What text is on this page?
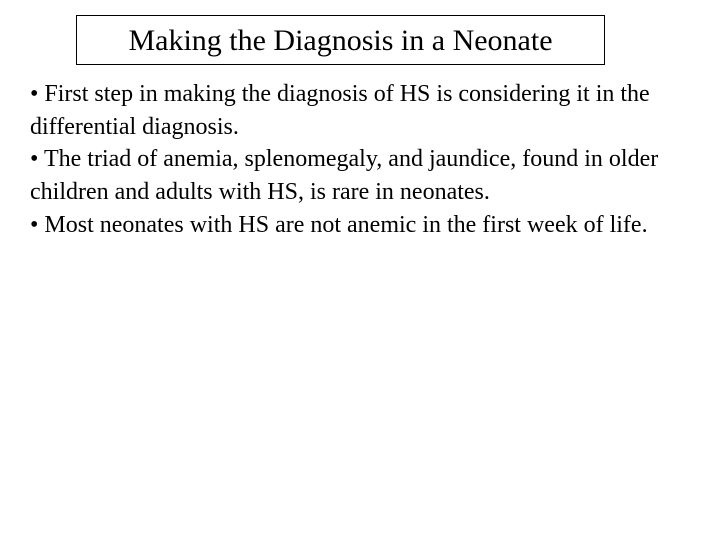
Making the Diagnosis in a Neonate

• First step in making the diagnosis of HS is considering it in the differential diagnosis.

• The triad of anemia, splenomegaly, and jaundice, found in older children and adults with HS, is rare in neonates.

• Most neonates with HS are not anemic in the first week of life.
